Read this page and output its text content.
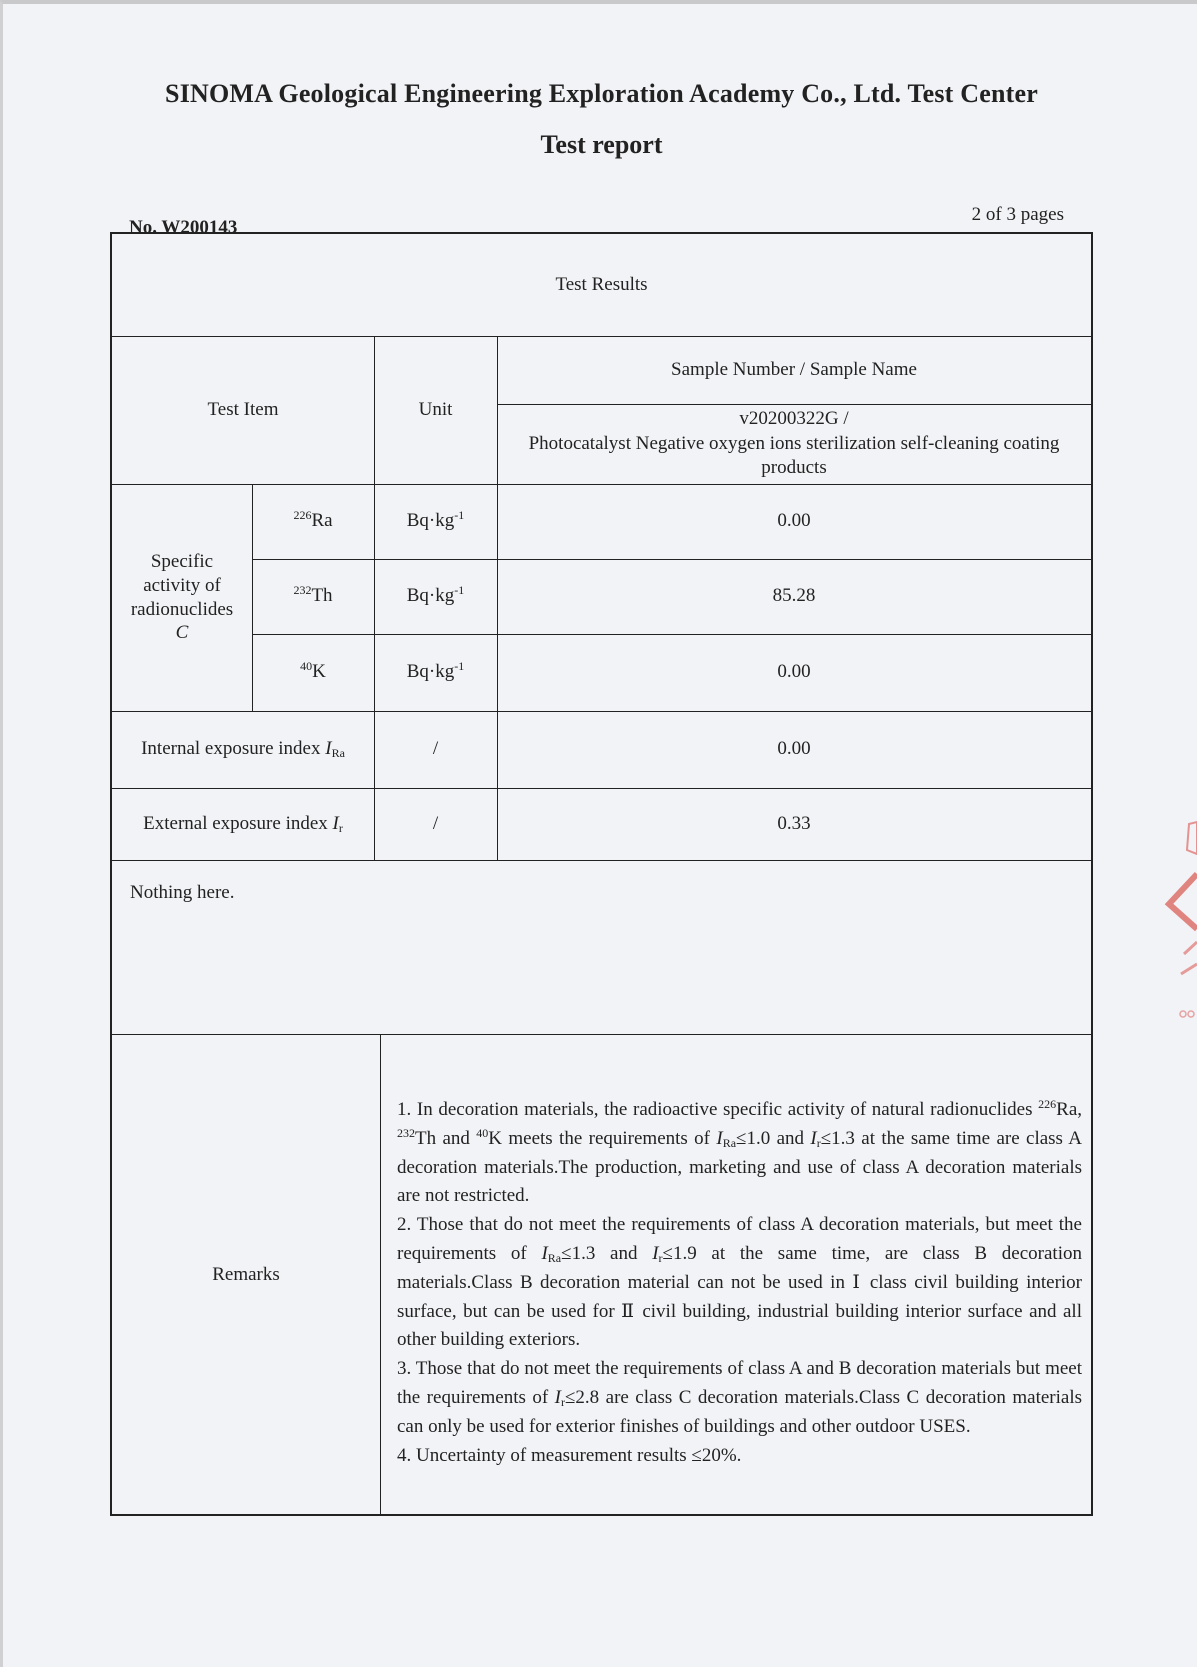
SINOMA Geological Engineering Exploration Academy Co., Ltd. Test Center
Test report
No. W200143
2 of 3 pages
Test Results
Test Item	Unit
Sample Number / Sample Name
v20200322G /
Photocatalyst Negative oxygen ions sterilization self-cleaning coating products
Specific
activity of
radionuclides
C
$^{226}$Ra	$Bq\cdot kg^{-1}$	0.00
$^{232}$Th	$Bq\cdot kg^{-1}$	85.28
$^{40}$K	$Bq\cdot kg^{-1}$	0.00
Internal exposure index $I_{Ra}$	/	0.00
External exposure index $I_r$	/	0.33
Nothing here.
Remarks
1. In decoration materials, the radioactive specific activity of natural radionuclides $^{226}$Ra, $^{232}$Th and $^{40}$K meets the requirements of $I_{Ra}\le 1.0$ and $I_r\le 1.3$ at the same time are class A decoration materials.The production, marketing and use of class A decoration materials are not restricted.
2. Those that do not meet the requirements of class A decoration materials, but meet the requirements of $I_{Ra}\le 1.3$ and $I_r\le 1.9$ at the same time, are class B decoration materials.Class B decoration material can not be used in Ⅰ class civil building interior surface, but can be used for Ⅱ civil building, industrial building interior surface and all other building exteriors.
3. Those that do not meet the requirements of class A and B decoration materials but meet the requirements of $I_r\le 2.8$ are class C decoration materials.Class C decoration materials can only be used for exterior finishes of buildings and other outdoor USES.
4. Uncertainty of measurement results ≤20%.
